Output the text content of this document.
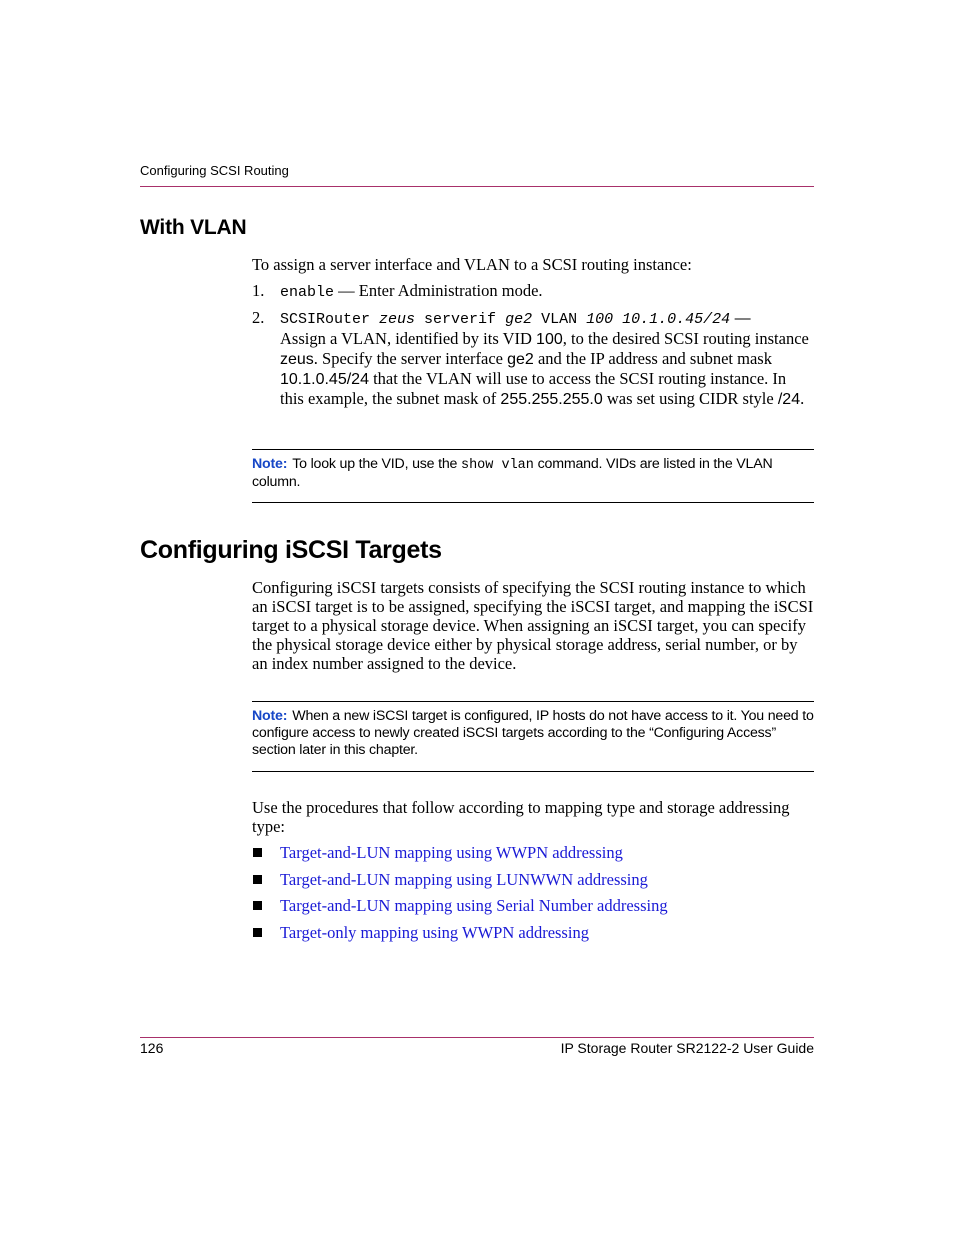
Configuring SCSI Routing
With VLAN
To assign a server interface and VLAN to a SCSI routing instance:
1. enable — Enter Administration mode.
2. SCSIRouter zeus serverif ge2 VLAN 100 10.1.0.45/24 —
Assign a VLAN, identified by its VID 100, to the desired SCSI routing instance zeus. Specify the server interface ge2 and the IP address and subnet mask 10.1.0.45/24 that the VLAN will use to access the SCSI routing instance. In this example, the subnet mask of 255.255.255.0 was set using CIDR style /24.
Note: To look up the VID, use the show vlan command. VIDs are listed in the VLAN column.
Configuring iSCSI Targets
Configuring iSCSI targets consists of specifying the SCSI routing instance to which an iSCSI target is to be assigned, specifying the iSCSI target, and mapping the iSCSI target to a physical storage device. When assigning an iSCSI target, you can specify the physical storage device either by physical storage address, serial number, or by an index number assigned to the device.
Note: When a new iSCSI target is configured, IP hosts do not have access to it. You need to configure access to newly created iSCSI targets according to the “Configuring Access” section later in this chapter.
Use the procedures that follow according to mapping type and storage addressing type:
Target-and-LUN mapping using WWPN addressing
Target-and-LUN mapping using LUNWWN addressing
Target-and-LUN mapping using Serial Number addressing
Target-only mapping using WWPN addressing
126	IP Storage Router SR2122-2 User Guide
